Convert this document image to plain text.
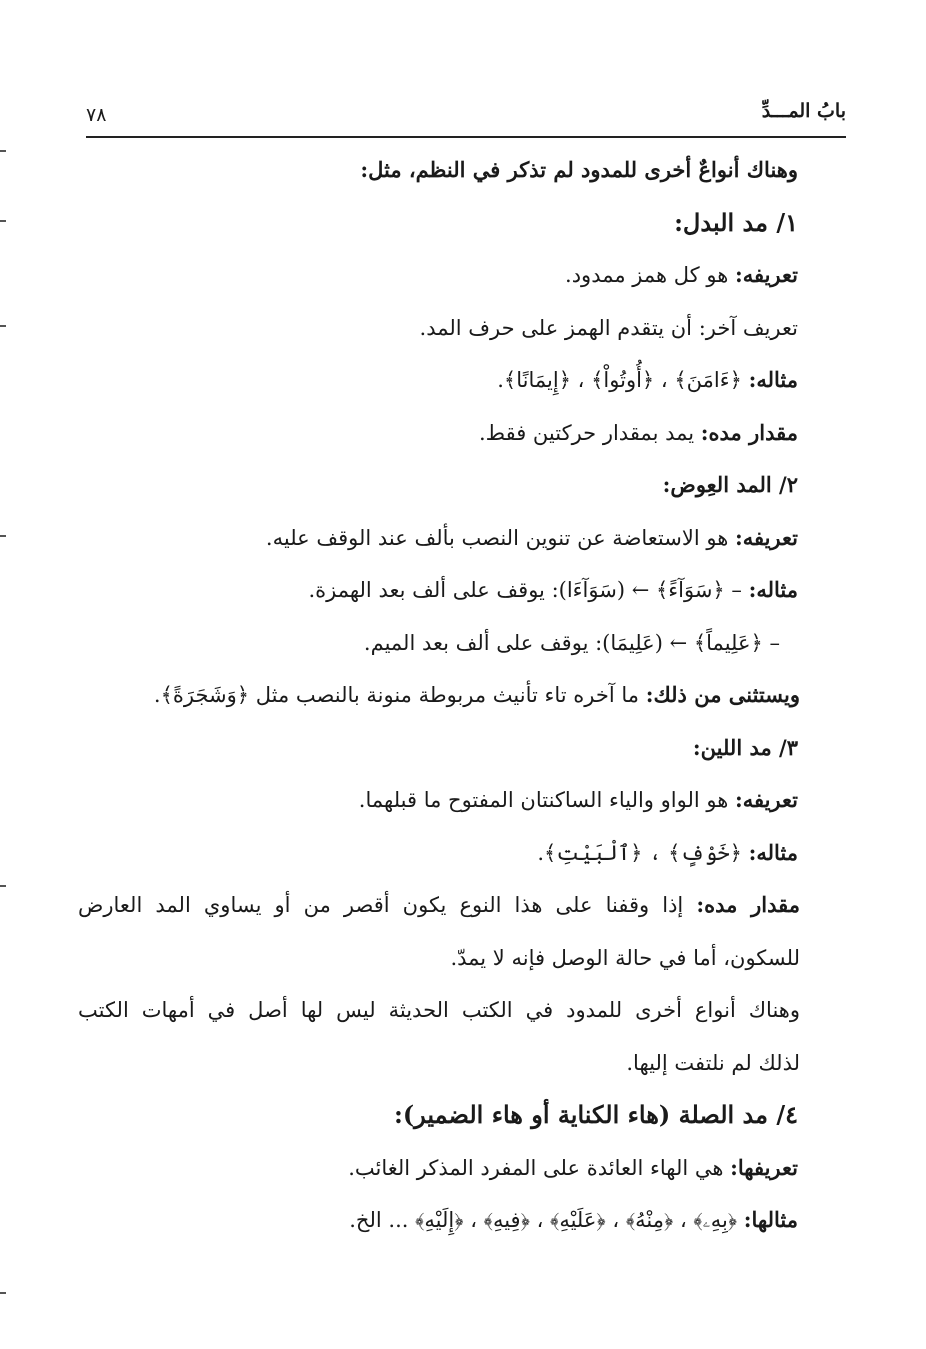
بابُ المـــدِّ
٧٨
وهناك أنواعٌ أخرى للمدود لم تذكر في النظم، مثل:
١/ مد البدل:
تعريفه: هو كل همز ممدود.
تعريف آخر: أن يتقدم الهمز على حرف المد.
مثاله: ﴿ءَامَنَ﴾ ، ﴿أُوتُواْ﴾ ، ﴿إِيمَانًا﴾.
مقدار مده: يمد بمقدار حركتين فقط.
٢/ المد العِوض:
تعريفه: هو الاستعاضة عن تنوين النصب بألف عند الوقف عليه.
مثاله: – ﴿سَوَآءً﴾ ← (سَوَآءَا): يوقف على ألف بعد الهمزة.
– ﴿عَلِيماً﴾ ← (عَلِيمَا): يوقف على ألف بعد الميم.
ويستثنى من ذلك: ما آخره تاء تأنيث مربوطة منونة بالنصب مثل ﴿وَشَجَرَةً﴾.
٣/ مد اللين:
تعريفه: هو الواو والياء الساكنتان المفتوح ما قبلهما.
مثاله: ﴿خَوْفٍ﴾ ، ﴿ٱلْبَيْتِ﴾.
مقدار مده: إذا وقفنا على هذا النوع يكون أقصر من أو يساوي المد العارض
للسكون، أما في حالة الوصل فإنه لا يمدّ.
وهناك أنواع أخرى للمدود في الكتب الحديثة ليس لها أصل في أمهات الكتب
لذلك لم نلتفت إليها.
٤/ مد الصلة (هاء الكناية أو هاء الضمير):
تعريفها: هي الهاء العائدة على المفرد المذكر الغائب.
مثالها: ﴿بِهِۦ﴾ ، ﴿مِنْهُ﴾ ، ﴿عَلَيْهِ﴾ ، ﴿فِيهِ﴾ ، ﴿إِلَيْهِ﴾ ... الخ.
